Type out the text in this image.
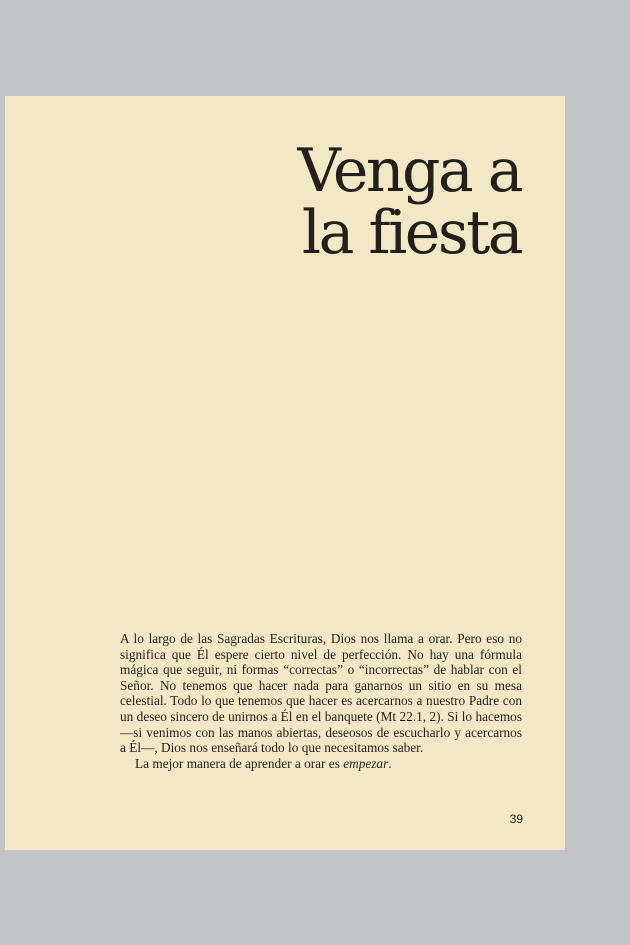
Venga a
la fiesta

A lo largo de las Sagradas Escrituras, Dios nos llama a orar. Pero eso no significa que Él espere cierto nivel de perfección. No hay una fórmula mágica que seguir, ni formas “correctas” o “incorrectas” de hablar con el Señor. No tenemos que hacer nada para ganarnos un sitio en su mesa celestial. Todo lo que tenemos que hacer es acercarnos a nuestro Padre con un deseo sincero de unirnos a Él en el banquete (Mt 22.1, 2). Si lo hacemos —si venimos con las manos abiertas, deseosos de escucharlo y acercarnos a Él—, Dios nos enseñará todo lo que necesitamos saber.

La mejor manera de aprender a orar es empezar.

39
